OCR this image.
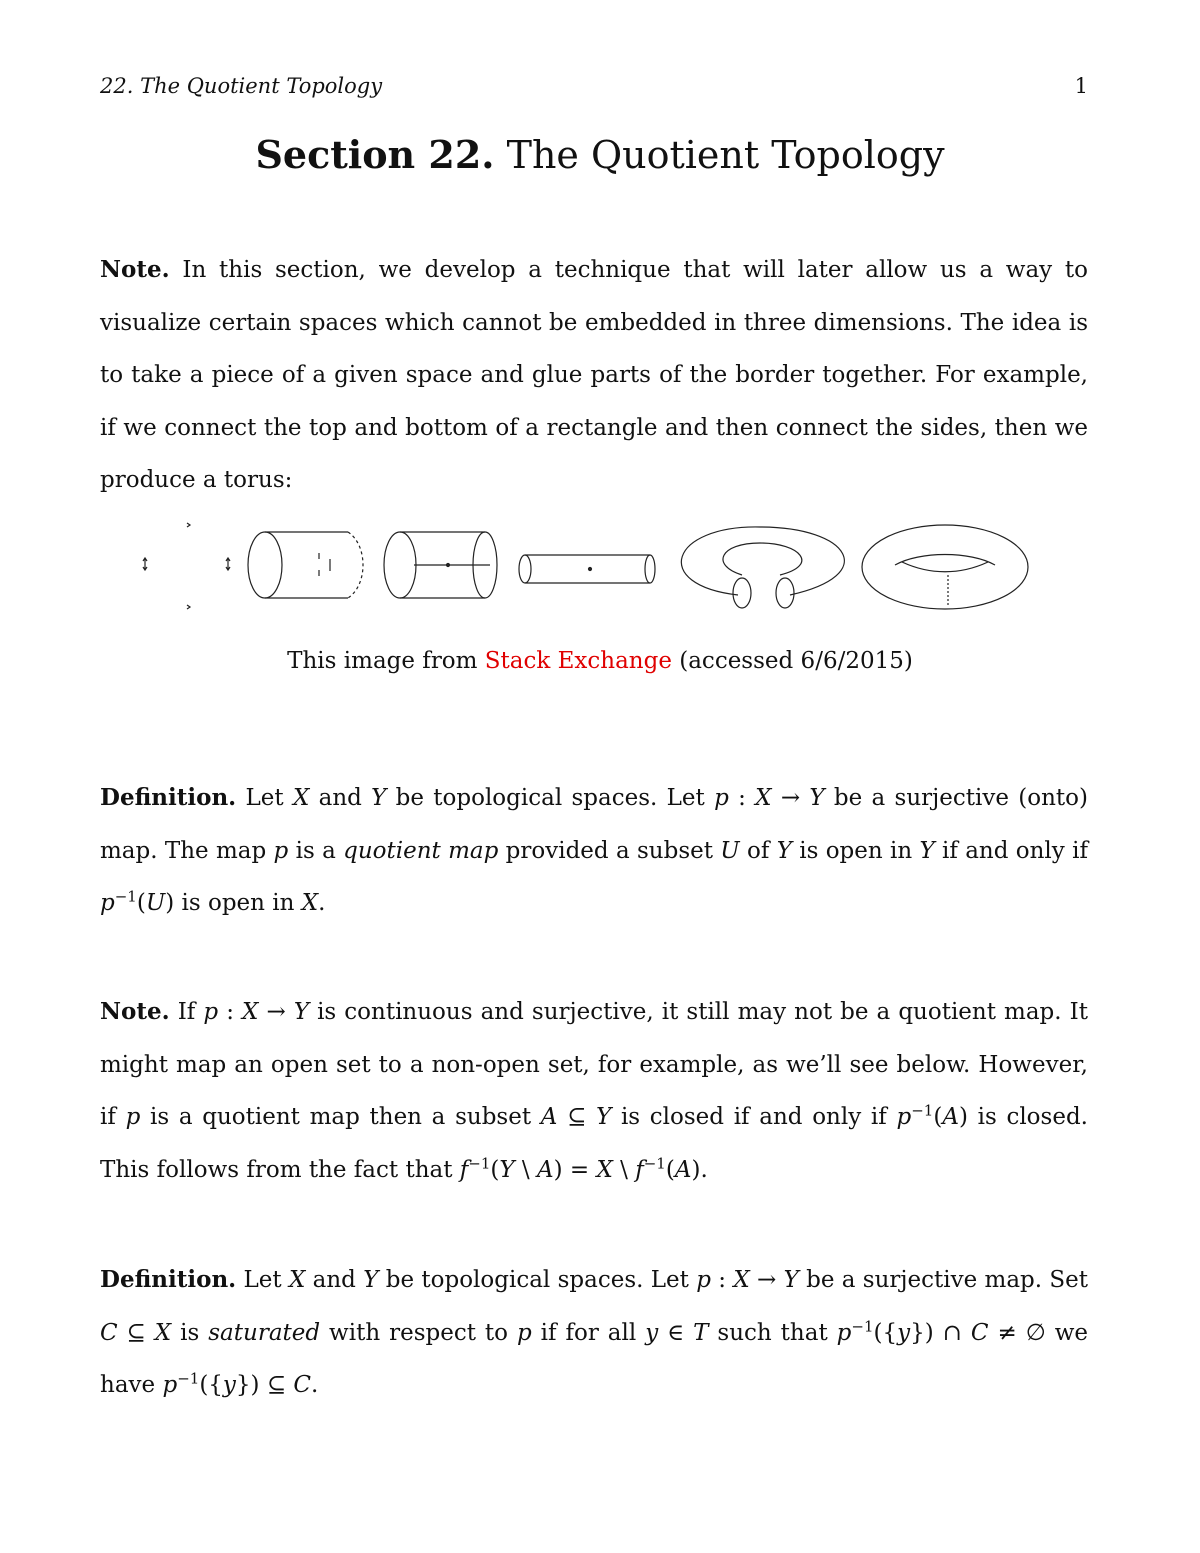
22. The Quotient Topology	1
Section 22. The Quotient Topology
Note. In this section, we develop a technique that will later allow us a way to visualize certain spaces which cannot be embedded in three dimensions. The idea is to take a piece of a given space and glue parts of the border together. For example, if we connect the top and bottom of a rectangle and then connect the sides, then we produce a torus:
This image from Stack Exchange (accessed 6/6/2015)
Definition. Let X and Y be topological spaces. Let p : X → Y be a surjective (onto) map. The map p is a quotient map provided a subset U of Y is open in Y if and only if $p^{-1}(U)$ is open in X.
Note. If p : X → Y is continuous and surjective, it still may not be a quotient map. It might map an open set to a non-open set, for example, as we’ll see below. However, if p is a quotient map then a subset A ⊆ Y is closed if and only if $p^{-1}(A)$ is closed. This follows from the fact that $f^{-1}(Y$ \ A) = X \ $f^{-1}(A)$.
Definition. Let X and Y be topological spaces. Let p : X → Y be a surjective map. Set C ⊆ X is saturated with respect to p if for all y ∈ T such that $p^{-1}(\{y\})$ ∩ C ≠ ∅ we have $p^{-1}(\{y\})$ ⊆ C.
